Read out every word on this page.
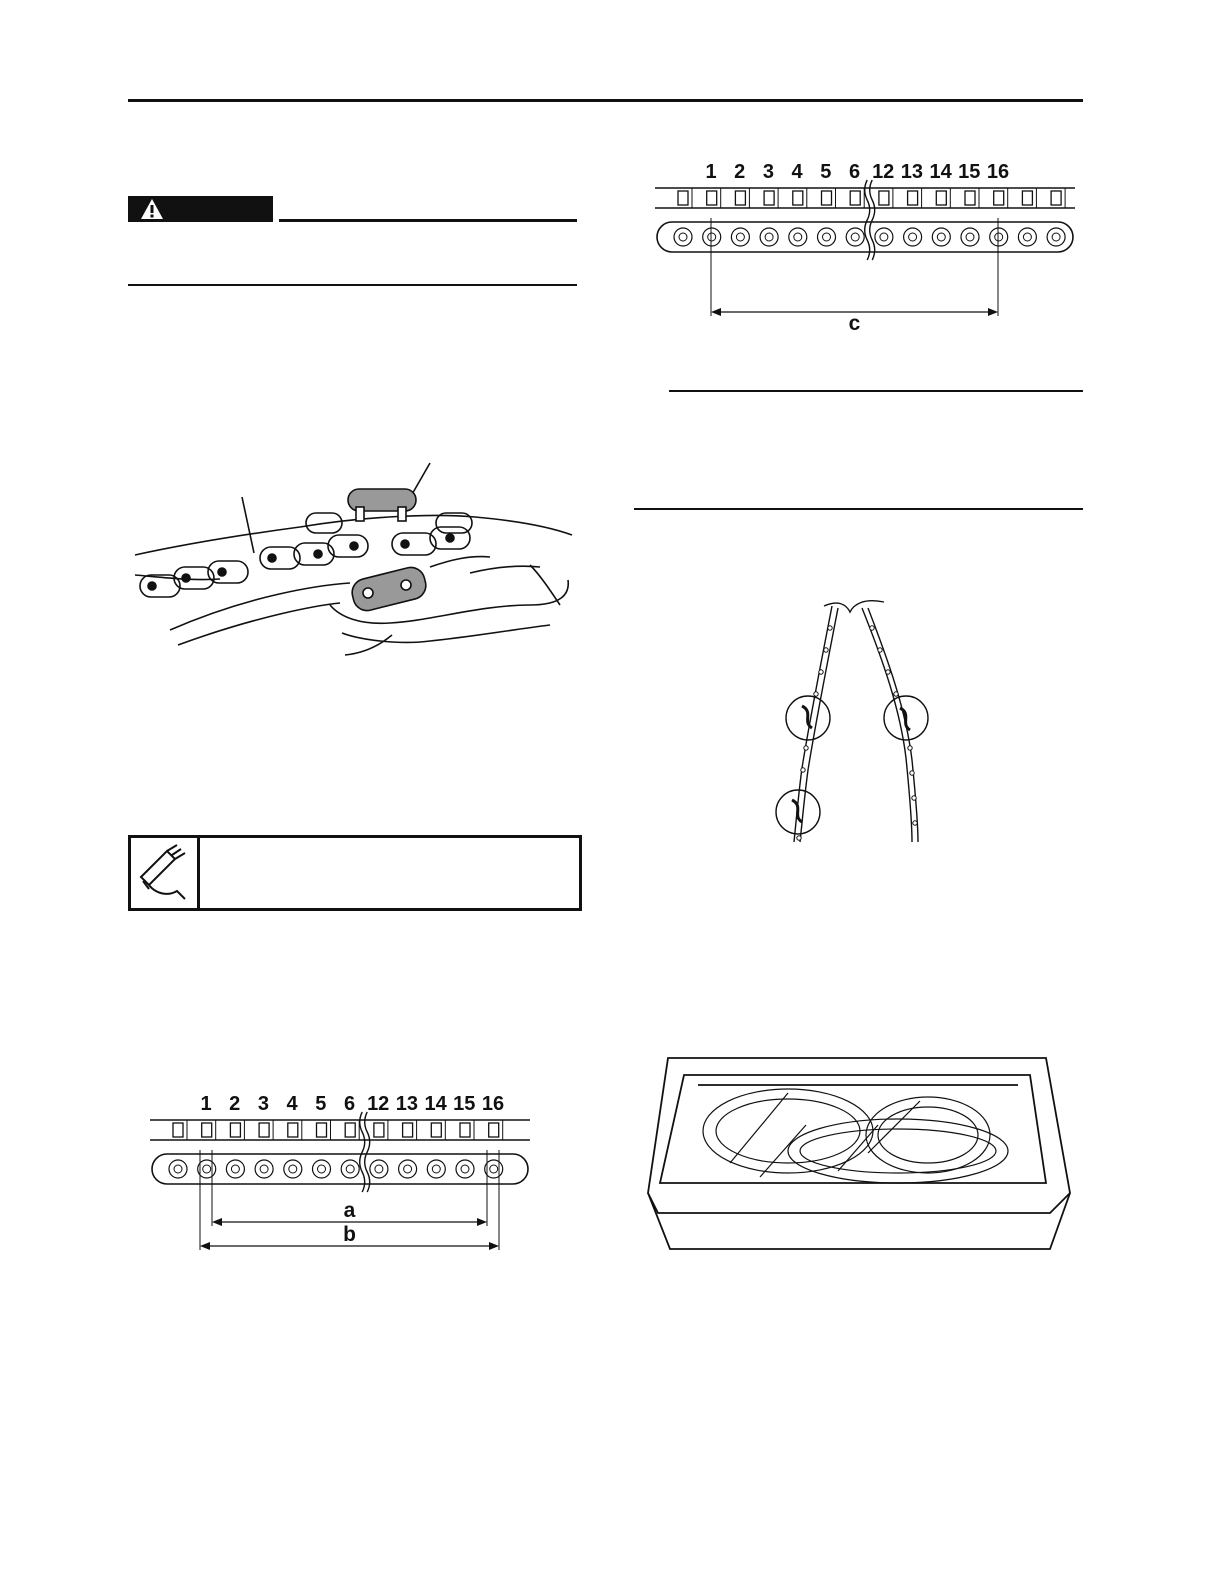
1 2 3 4 5 6 12 13 14 15 16
a
b
1 2 3 4 5 6 12 13 14 15 16
c
